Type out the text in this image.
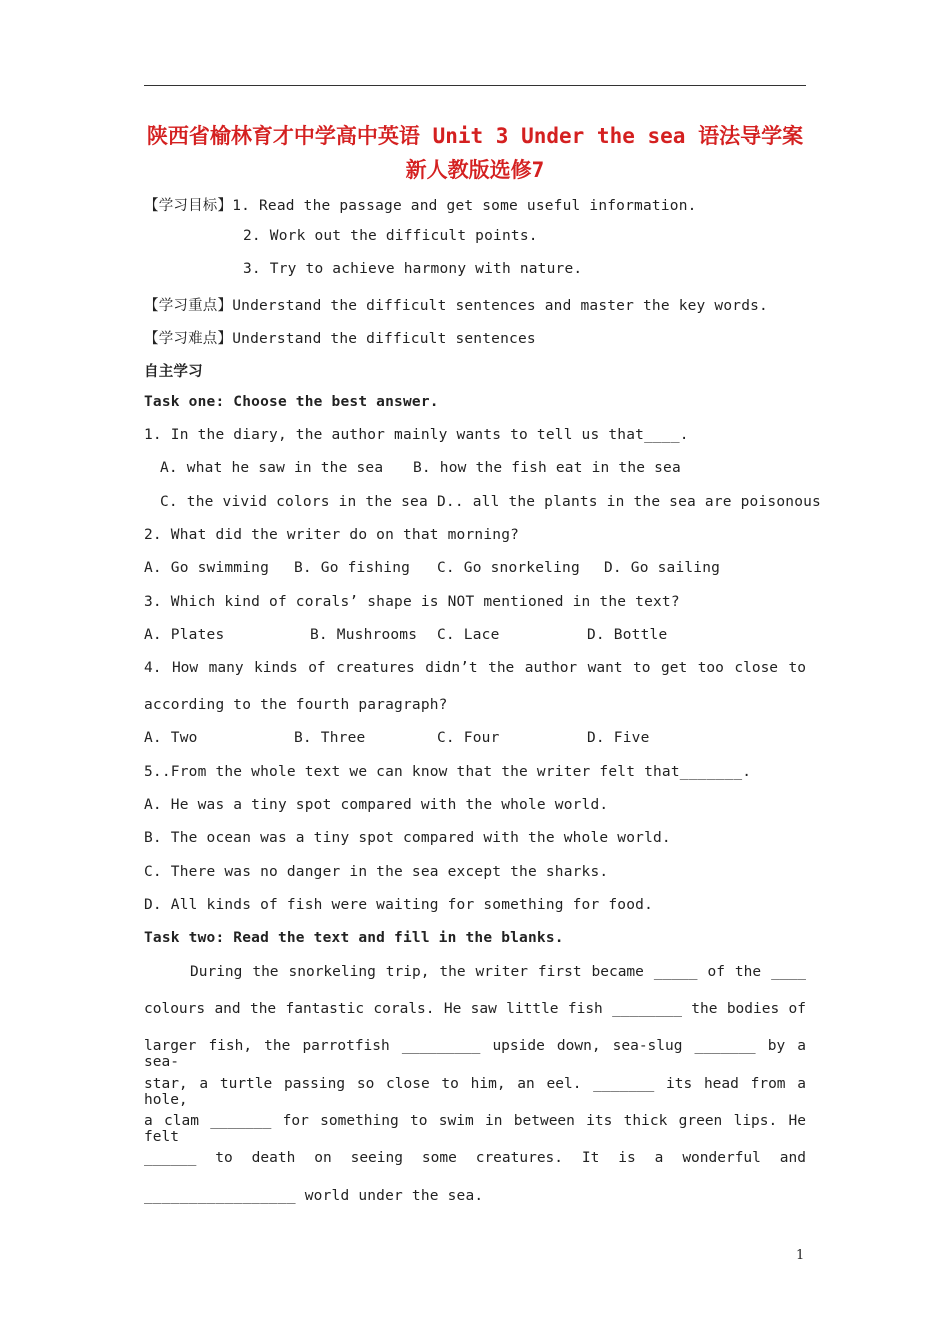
陕西省榆林育才中学高中英语 Unit 3 Under the sea 语法导学案
新人教版选修7
【学习目标】1. Read the passage and get some useful information.
2. Work out the difficult points.
3. Try to achieve harmony with nature.
【学习重点】Understand the difficult sentences and master the key words.
【学习难点】Understand the difficult sentences
自主学习
Task one: Choose the best answer.
1. In the diary, the author mainly wants to tell us that____.
A. what he saw in the sea B. how the fish eat in the sea
C. the vivid colors in the sea D.. all the plants in the sea are poisonous
2. What did the writer do on that morning?
A. Go swimming B. Go fishing C. Go snorkeling D. Go sailing
3. Which kind of corals’ shape is NOT mentioned in the text?
A. Plates	B. Mushrooms C. Lace	D. Bottle
4. How many kinds of creatures didn’t the author want to get too close to
according to the fourth paragraph?
A. Two	B. Three	C. Four	D. Five
5..From the whole text we can know that the writer felt that_______.
A. He was a tiny spot compared with the whole world.
B. The ocean was a tiny spot compared with the whole world.
C. There was no danger in the sea except the sharks.
D. All kinds of fish were waiting for something for food.
Task two: Read the text and fill in the blanks.
During the snorkeling trip, the writer first became _____ of the ____
colours and the fantastic corals. He saw little fish ________ the bodies of
larger fish, the parrotfish _________ upside down, sea-slug _______ by a sea-
star, a turtle passing so close to him, an eel. _______ its head from a hole,
a clam _______ for something to swim in between its thick green lips. He felt
______ to death on seeing some creatures. It is a wonderful and
_________________ world under the sea.
1
